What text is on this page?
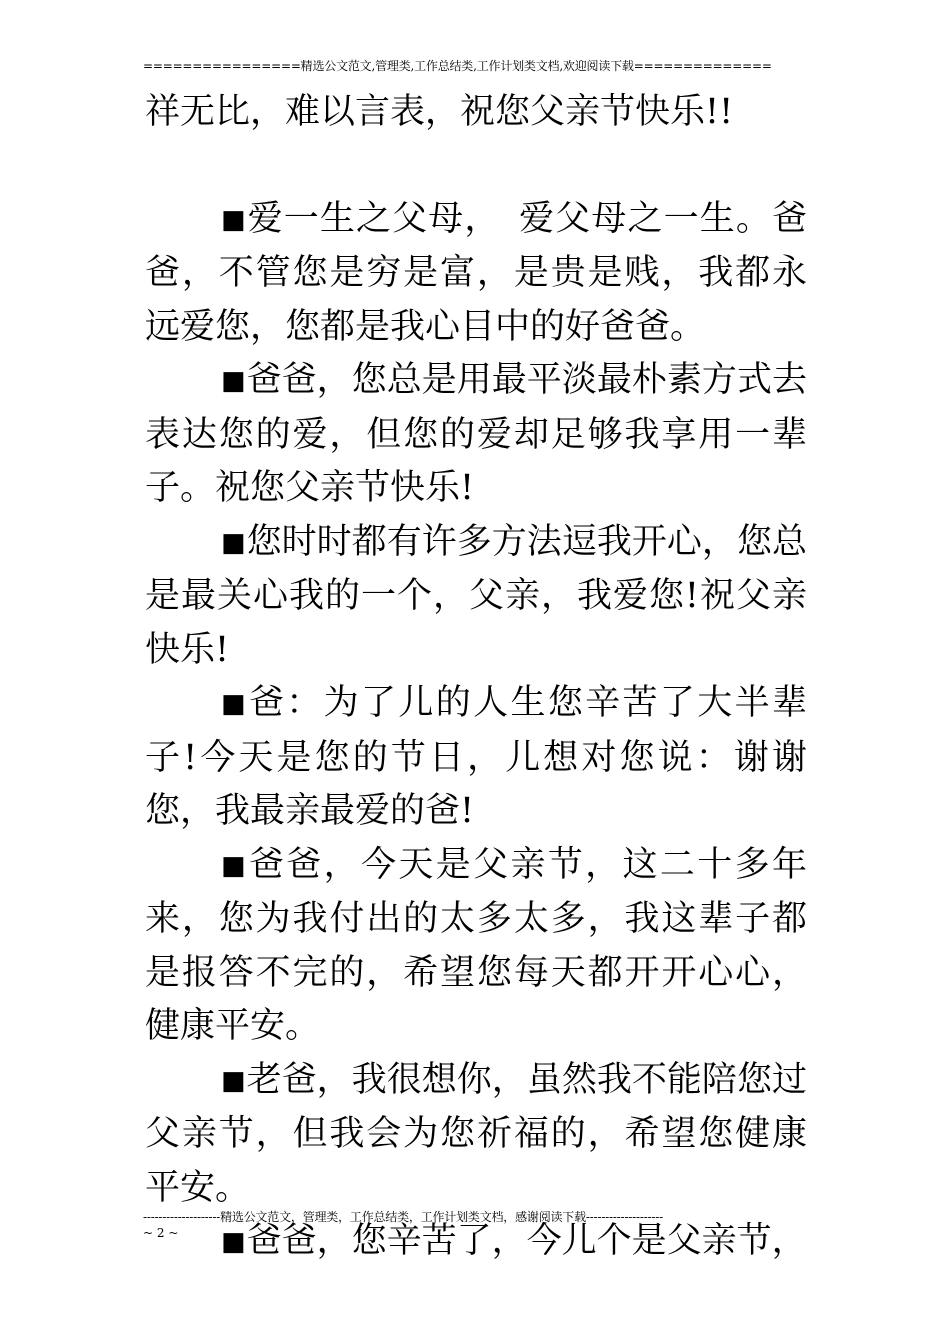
================精选公文范文,管理类,工作总结类,工作计划类文档,欢迎阅读下载==============

祥无比，难以言表，祝您父亲节快乐!!

■爱一生之父母，　爱父母之一生。爸爸，不管您是穷是富，是贵是贱，我都永远爱您，您都是我心目中的好爸爸。

■爸爸，您总是用最平淡最朴素方式去表达您的爱，但您的爱却足够我享用一辈子。祝您父亲节快乐!

■您时时都有许多方法逗我开心，您总是最关心我的一个，父亲，我爱您!祝父亲快乐!

■爸：为了儿的人生您辛苦了大半辈子!今天是您的节日，儿想对您说：谢谢您，我最亲最爱的爸!

■爸爸，今天是父亲节，这二十多年来，您为我付出的太多太多，我这辈子都是报答不完的，希望您每天都开开心心，健康平安。

■老爸，我很想你，虽然我不能陪您过父亲节，但我会为您祈福的，希望您健康平安。

■爸爸，您辛苦了，今儿个是父亲节，

--------------------精选公文范文，管理类，工作总结类，工作计划类文档，感谢阅读下载--------------------
~ 2 ~
